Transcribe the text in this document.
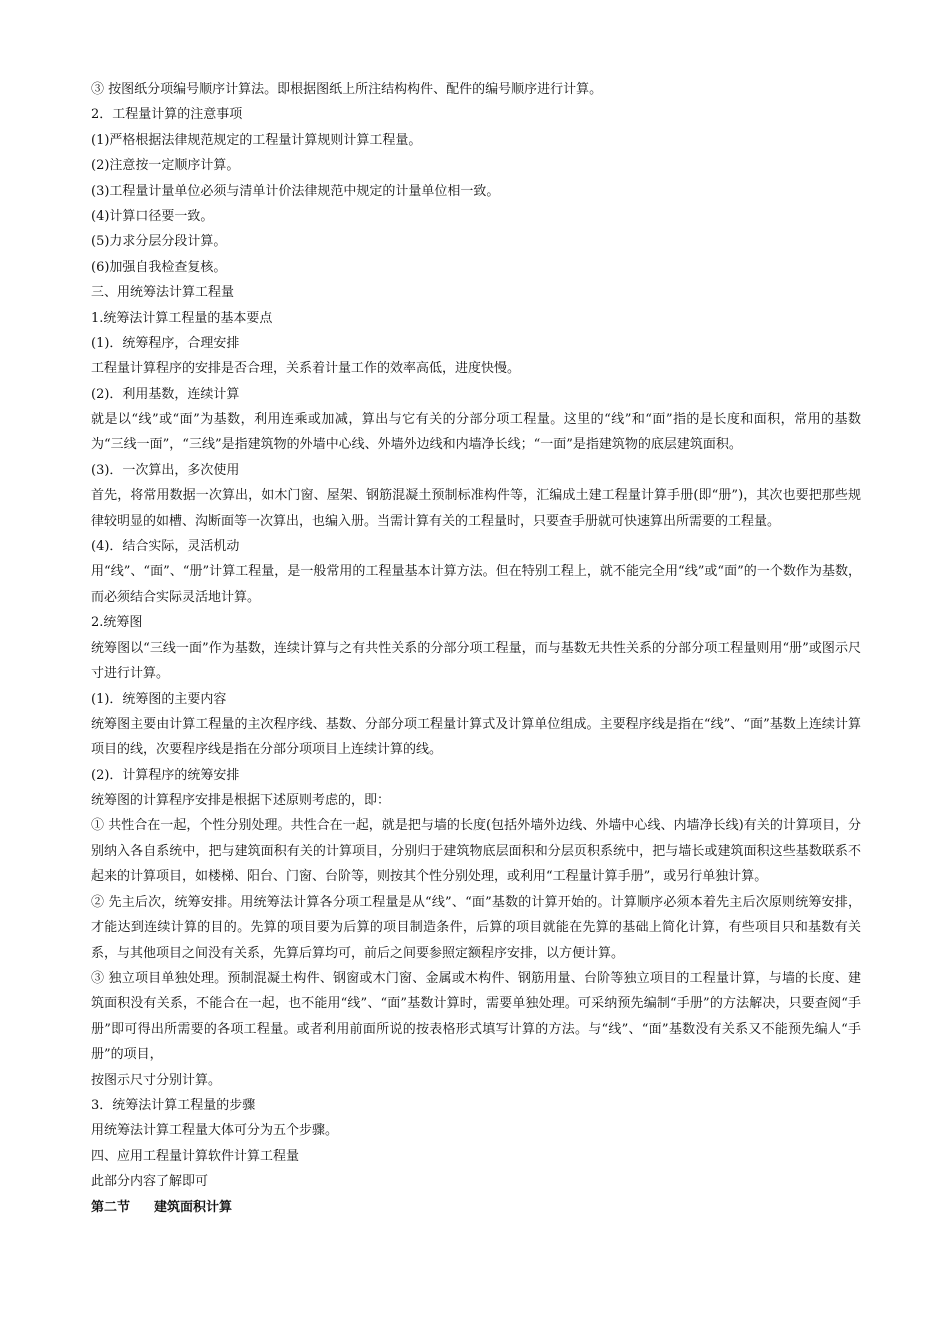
③ 按图纸分项编号顺序计算法。即根据图纸上所注结构构件、配件的编号顺序进行计算。
2．工程量计算的注意事项
(1)严格根据法律规范规定的工程量计算规则计算工程量。
(2)注意按一定顺序计算。
(3)工程量计量单位必须与清单计价法律规范中规定的计量单位相一致。
(4)计算口径要一致。
(5)力求分层分段计算。
(6)加强自我检查复核。
三、用统筹法计算工程量
1.统筹法计算工程量的基本要点
(1)．统筹程序，合理安排
工程量计算程序的安排是否合理，关系着计量工作的效率高低，进度快慢。
(2)．利用基数，连续计算

就是以“线”或“面”为基数，利用连乘或加减，算出与它有关的分部分项工程量。这里的“线”和“面”指的是长度和面积，常用的基数为“三线一面”，“三线”是指建筑物的外墙中心线、外墙外边线和内墙净长线；“一面”是指建筑物的底层建筑面积。

(3)．一次算出，多次使用

首先，将常用数据一次算出，如木门窗、屋架、钢筋混凝土预制标准构件等，汇编成土建工程量计算手册(即“册”)，其次也要把那些规律较明显的如槽、沟断面等一次算出，也编入册。当需计算有关的工程量时，只要查手册就可快速算出所需要的工程量。

(4)．结合实际，灵活机动

用“线”、“面”、“册”计算工程量，是一般常用的工程量基本计算方法。但在特别工程上，就不能完全用“线”或“面”的一个数作为基数，而必须结合实际灵活地计算。

2.统筹图

统筹图以“三线一面”作为基数，连续计算与之有共性关系的分部分项工程量，而与基数无共性关系的分部分项工程量则用“册”或图示尺寸进行计算。

(1)．统筹图的主要内容

统筹图主要由计算工程量的主次程序线、基数、分部分项工程量计算式及计算单位组成。主要程序线是指在“线”、“面”基数上连续计算项目的线，次要程序线是指在分部分项项目上连续计算的线。

(2)．计算程序的统筹安排
统筹图的计算程序安排是根据下述原则考虑的，即：

① 共性合在一起，个性分别处理。共性合在一起，就是把与墙的长度(包括外墙外边线、外墙中心线、内墙净长线)有关的计算项目，分别纳入各自系统中，把与建筑面积有关的计算项目，分别归于建筑物底层面积和分层页积系统中，把与墙长或建筑面积这些基数联系不起来的计算项目，如楼梯、阳台、门窗、台阶等，则按其个性分别处理，或利用“工程量计算手册”，或另行单独计算。

② 先主后次，统筹安排。用统筹法计算各分项工程量是从“线”、“面”基数的计算开始的。计算顺序必须本着先主后次原则统筹安排，才能达到连续计算的目的。先算的项目要为后算的项目制造条件，后算的项目就能在先算的基础上简化计算，有些项目只和基数有关系，与其他项目之间没有关系，先算后算均可，前后之间要参照定额程序安排，以方便计算。

③ 独立项目单独处理。预制混凝土构件、钢窗或木门窗、金属或木构件、钢筋用量、台阶等独立项目的工程量计算，与墙的长度、建筑面积没有关系，不能合在一起，也不能用“线”、“面”基数计算时，需要单独处理。可采纳预先编制“手册”的方法解决，只要查阅“手册”即可得出所需要的各项工程量。或者利用前面所说的按表格形式填写计算的方法。与“线”、“面”基数没有关系又不能预先编人“手册”的项目，

按图示尺寸分别计算。
3．统筹法计算工程量的步骤
用统筹法计算工程量大体可分为五个步骤。
四、应用工程量计算软件计算工程量
此部分内容了解即可
第二节 建筑面积计算
